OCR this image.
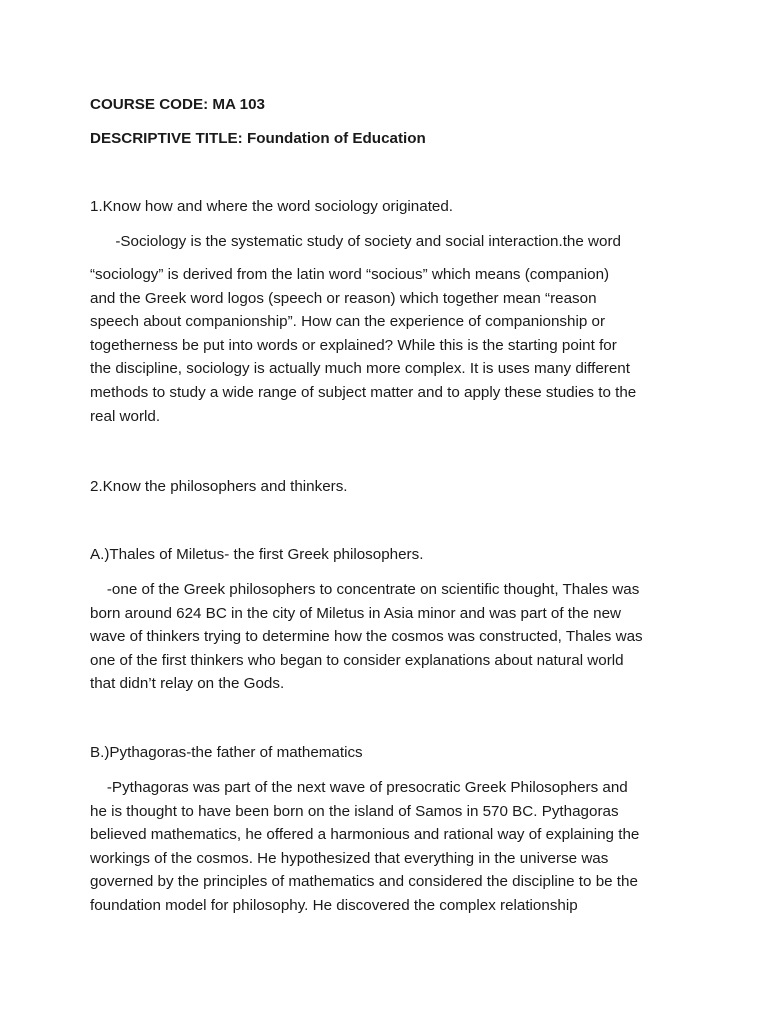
COURSE CODE: MA 103
DESCRIPTIVE TITLE: Foundation of Education
1.Know how and where the word sociology originated.
-Sociology is the systematic study of society and social interaction.the word
“sociology” is derived from the latin word “socious” which means (companion)
and the Greek word logos (speech or reason) which together mean “reason
speech about companionship”. How can the experience of companionship or
togetherness be put into words or explained? While this is the starting point for
the discipline, sociology is actually much more complex. It is uses many different
methods to study a wide range of subject matter and to apply these studies to the
real world.
2.Know the philosophers and thinkers.
A.)Thales of Miletus- the first Greek philosophers.
-one of the Greek philosophers to concentrate on scientific thought, Thales was
born around 624 BC in the city of Miletus in Asia minor and was part of the new
wave of thinkers trying to determine how the cosmos was constructed, Thales was
one of the first thinkers who began to consider explanations about natural world
that didn’t relay on the Gods.
B.)Pythagoras-the father of mathematics
-Pythagoras was part of the next wave of presocratic Greek Philosophers and
he is thought to have been born on the island of Samos in 570 BC. Pythagoras
believed mathematics, he offered a harmonious and rational way of explaining the
workings of the cosmos. He hypothesized that everything in the universe was
governed by the principles of mathematics and considered the discipline to be the
foundation model for philosophy. He discovered the complex relationship
